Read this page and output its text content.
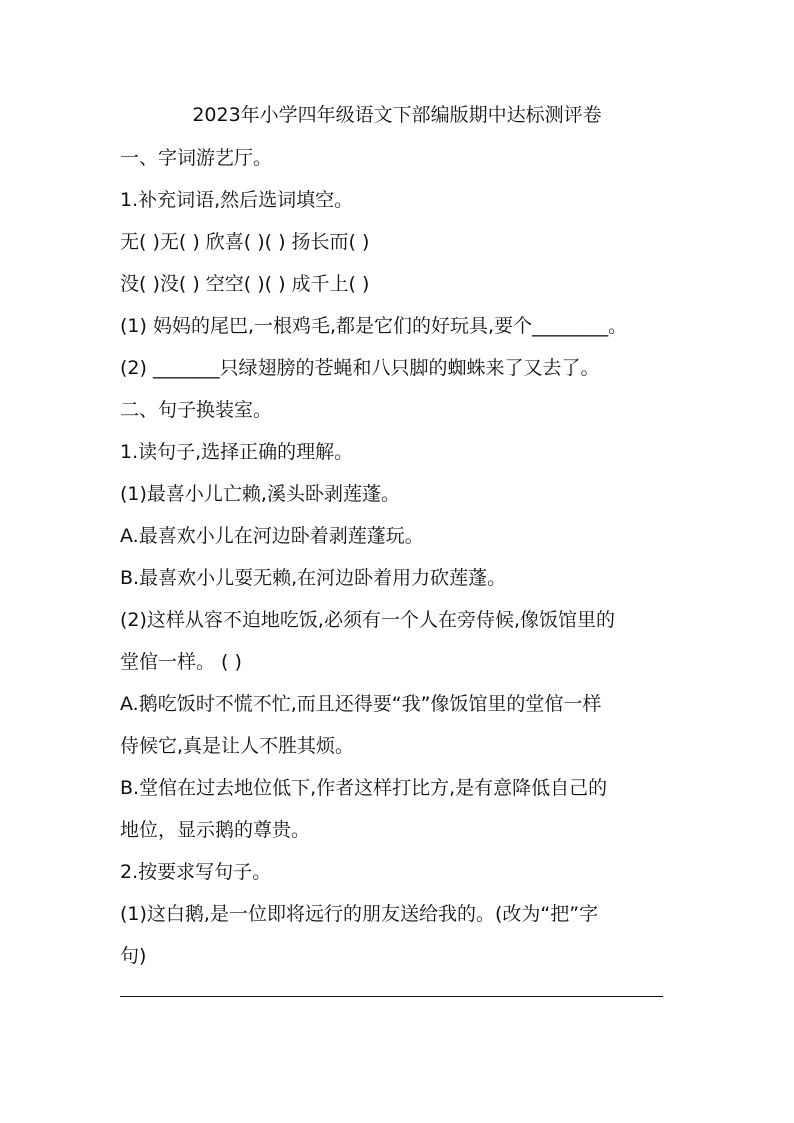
2023年小学四年级语文下部编版期中达标测评卷
一、字词游艺厅。
1.补充词语,然后选词填空。
无( )无( ) 欣喜( )( ) 扬长而( )
没( )没( ) 空空( )( ) 成千上( )
(1) 妈妈的尾巴,一根鸡毛,都是它们的好玩具,要个________。
(2) _______只绿翅膀的苍蝇和八只脚的蜘蛛来了又去了。
二、句子换装室。
1.读句子,选择正确的理解。
(1)最喜小儿亡赖,溪头卧剥莲蓬。
A.最喜欢小儿在河边卧着剥莲蓬玩。
B.最喜欢小儿耍无赖,在河边卧着用力砍莲蓬。
(2)这样从容不迫地吃饭,必须有一个人在旁侍候,像饭馆里的
堂倌一样。 ( )
A.鹅吃饭时不慌不忙,而且还得要“我”像饭馆里的堂倌一样
侍候它,真是让人不胜其烦。
B.堂倌在过去地位低下,作者这样打比方,是有意降低自己的
地位，显示鹅的尊贵。
2.按要求写句子。
(1)这白鹅,是一位即将远行的朋友送给我的。(改为“把”字
句)
